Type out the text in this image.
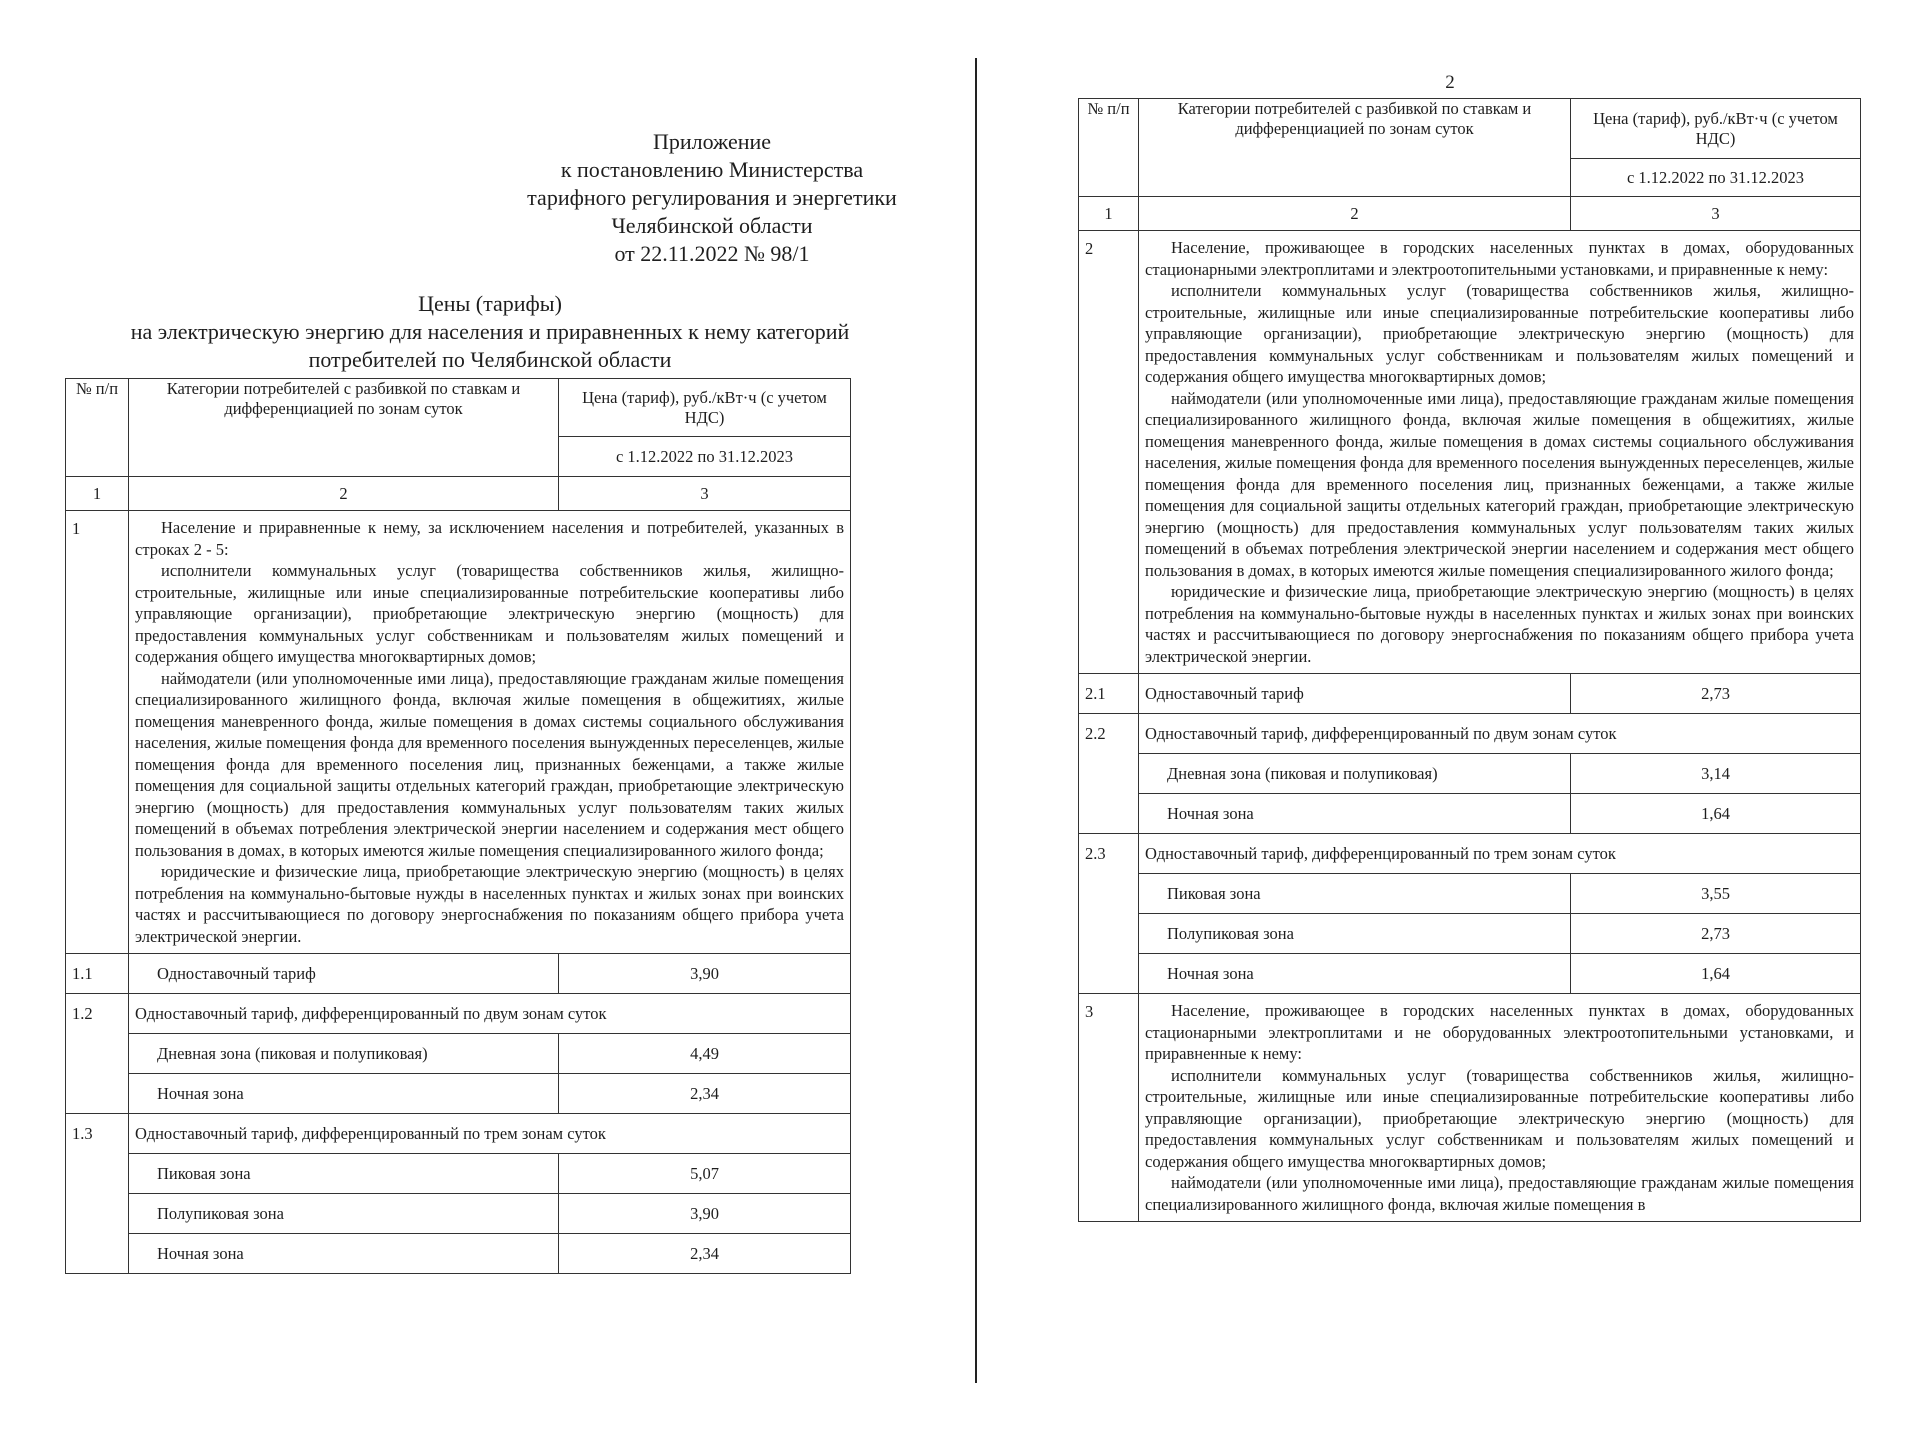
Приложение
к постановлению Министерства
тарифного регулирования и энергетики
Челябинской области
от 22.11.2022 № 98/1
Цены (тарифы)
на электрическую энергию для населения и приравненных к нему категорий
потребителей по Челябинской области
№ п/п	Категории потребителей с разбивкой по ставкам и дифференциацией по зонам суток	Цена (тариф), руб./кВт·ч (с учетом НДС)
		с 1.12.2022 по 31.12.2023
1	2	3
1	Население и приравненные к нему, за исключением населения и потребителей, указанных в строках 2 - 5:

исполнители коммунальных услуг (товарищества собственников жилья, жилищно-строительные, жилищные или иные специализированные потребительские кооперативы либо управляющие организации), приобретающие электрическую энергию (мощность) для предоставления коммунальных услуг собственникам и пользователям жилых помещений и содержания общего имущества многоквартирных домов;

наймодатели (или уполномоченные ими лица), предоставляющие гражданам жилые помещения специализированного жилищного фонда, включая жилые помещения в общежитиях, жилые помещения маневренного фонда, жилые помещения в домах системы социального обслуживания населения, жилые помещения фонда для временного поселения вынужденных переселенцев, жилые помещения фонда для временного поселения лиц, признанных беженцами, а также жилые помещения для социальной защиты отдельных категорий граждан, приобретающие электрическую энергию (мощность) для предоставления коммунальных услуг пользователям таких жилых помещений в объемах потребления электрической энергии населением и содержания мест общего пользования в домах, в которых имеются жилые помещения специализированного жилого фонда;

юридические и физические лица, приобретающие электрическую энергию (мощность) в целях потребления на коммунально-бытовые нужды в населенных пунктах и жилых зонах при воинских частях и рассчитывающиеся по договору энергоснабжения по показаниям общего прибора учета электрической энергии.	

1.1	Одноставочный тариф	3,90
1.2	Одноставочный тариф, дифференцированный по двум зонам суток	
	Дневная зона (пиковая и полупиковая)	4,49
	Ночная зона	2,34
1.3	Одноставочный тариф, дифференцированный по трем зонам суток	
	Пиковая зона	5,07
	Полупиковая зона	3,90
	Ночная зона	2,34
2
№ п/п	Категории потребителей с разбивкой по ставкам и дифференциацией по зонам суток	Цена (тариф), руб./кВт·ч (с учетом НДС)
		с 1.12.2022 по 31.12.2023
1	2	3
2	Население, проживающее в городских населенных пунктах в домах, оборудованных стационарными электроплитами и электроотопительными установками, и приравненные к нему:

исполнители коммунальных услуг (товарищества собственников жилья, жилищно-строительные, жилищные или иные специализированные потребительские кооперативы либо управляющие организации), приобретающие электрическую энергию (мощность) для предоставления коммунальных услуг собственникам и пользователям жилых помещений и содержания общего имущества многоквартирных домов;

наймодатели (или уполномоченные ими лица), предоставляющие гражданам жилые помещения специализированного жилищного фонда, включая жилые помещения в общежитиях, жилые помещения маневренного фонда, жилые помещения в домах системы социального обслуживания населения, жилые помещения фонда для временного поселения вынужденных переселенцев, жилые помещения фонда для временного поселения лиц, признанных беженцами, а также жилые помещения для социальной защиты отдельных категорий граждан, приобретающие электрическую энергию (мощность) для предоставления коммунальных услуг пользователям таких жилых помещений в объемах потребления электрической энергии населением и содержания мест общего пользования в домах, в которых имеются жилые помещения специализированного жилого фонда;

юридические и физические лица, приобретающие электрическую энергию (мощность) в целях потребления на коммунально-бытовые нужды в населенных пунктах и жилых зонах при воинских частях и рассчитывающиеся по договору энергоснабжения по показаниям общего прибора учета электрической энергии.	

2.1	Одноставочный тариф	2,73
2.2	Одноставочный тариф, дифференцированный по двум зонам суток	
	Дневная зона (пиковая и полупиковая)	3,14
	Ночная зона	1,64
2.3	Одноставочный тариф, дифференцированный по трем зонам суток	
	Пиковая зона	3,55
	Полупиковая зона	2,73
	Ночная зона	1,64
3	Население, проживающее в городских населенных пунктах в домах, оборудованных стационарными электроплитами и не оборудованных электроотопительными установками, и приравненные к нему:

исполнители коммунальных услуг (товарищества собственников жилья, жилищно-строительные, жилищные или иные специализированные потребительские кооперативы либо управляющие организации), приобретающие электрическую энергию (мощность) для предоставления коммунальных услуг собственникам и пользователям жилых помещений и содержания общего имущества многоквартирных домов;

наймодатели (или уполномоченные ими лица), предоставляющие гражданам жилые помещения специализированного жилищного фонда, включая жилые помещения в	
